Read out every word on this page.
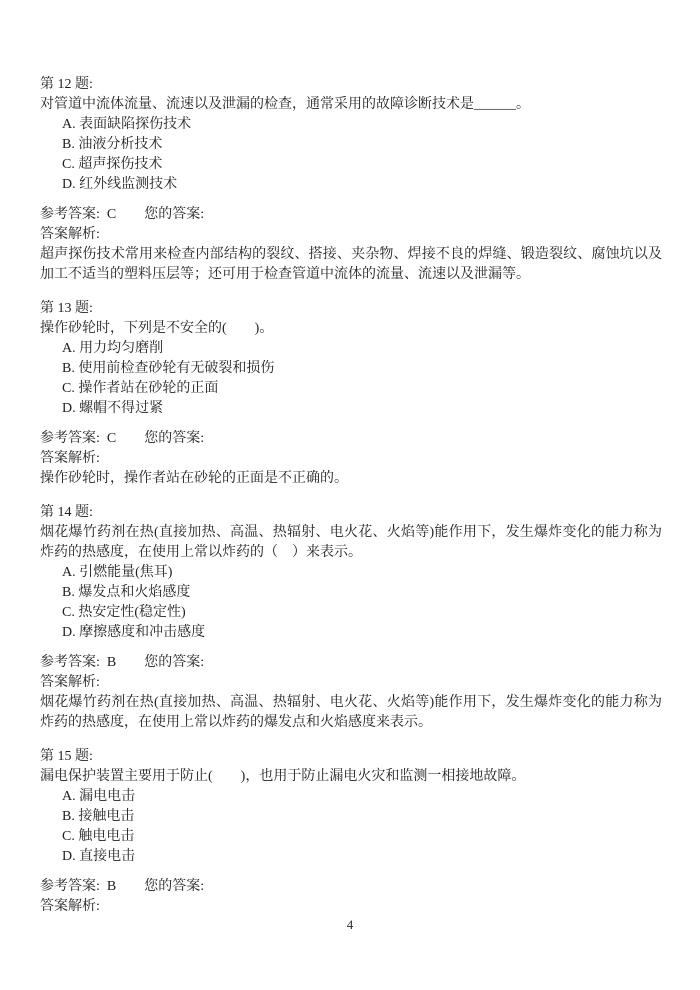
第 12 题:
对管道中流体流量、流速以及泄漏的检查，通常采用的故障诊断技术是______。
A. 表面缺陷探伤技术
B. 油液分析技术
C. 超声探伤技术
D. 红外线监测技术
参考答案: C 您的答案:
答案解析:
超声探伤技术常用来检查内部结构的裂纹、搭接、夹杂物、焊接不良的焊缝、锻造裂纹、腐蚀坑以及加工不适当的塑料压层等；还可用于检查管道中流体的流量、流速以及泄漏等。
第 13 题:
操作砂轮时，下列是不安全的(　　)。
A. 用力均匀磨削
B. 使用前检查砂轮有无破裂和损伤
C. 操作者站在砂轮的正面
D. 螺帽不得过紧
参考答案: C 您的答案:
答案解析:
操作砂轮时，操作者站在砂轮的正面是不正确的。
第 14 题:
烟花爆竹药剂在热(直接加热、高温、热辐射、电火花、火焰等)能作用下，发生爆炸变化的能力称为炸药的热感度，在使用上常以炸药的（　）来表示。
A. 引燃能量(焦耳)
B. 爆发点和火焰感度
C. 热安定性(稳定性)
D. 摩擦感度和冲击感度
参考答案: B 您的答案:
答案解析:
烟花爆竹药剂在热(直接加热、高温、热辐射、电火花、火焰等)能作用下，发生爆炸变化的能力称为炸药的热感度，在使用上常以炸药的爆发点和火焰感度来表示。
第 15 题:
漏电保护装置主要用于防止(　　)，也用于防止漏电火灾和监测一相接地故障。
A. 漏电电击
B. 接触电击
C. 触电电击
D. 直接电击
参考答案: B 您的答案:
答案解析:
4
